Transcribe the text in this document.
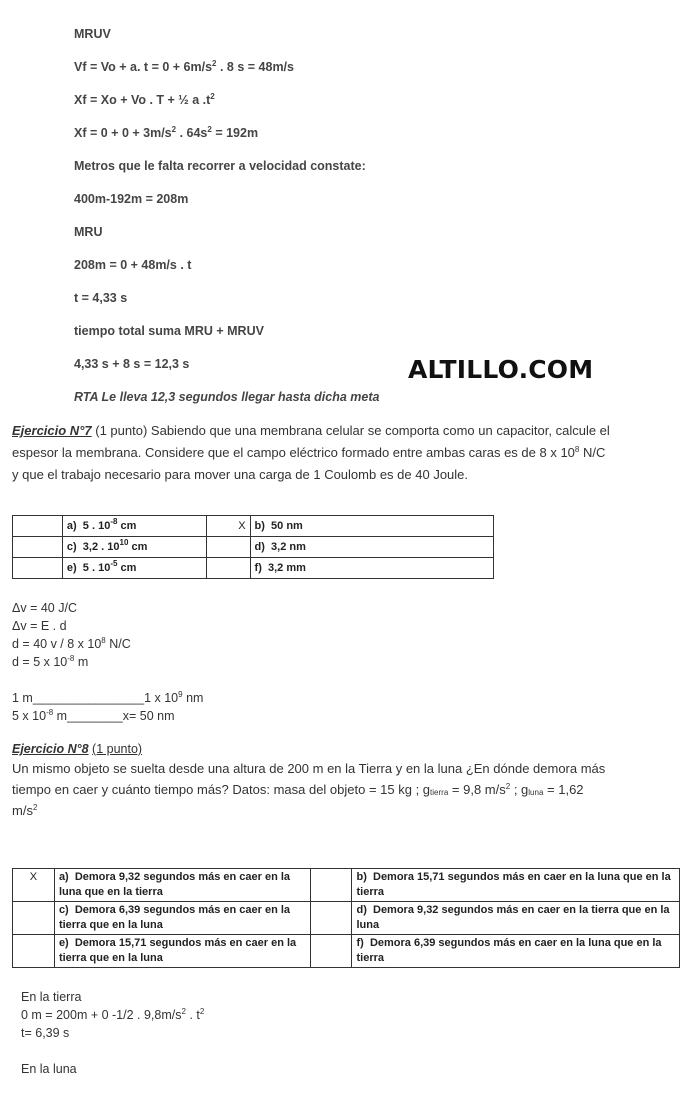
MRUV
Vf = Vo + a. $t = 0 + 6m/s^2$ . 8 s = 48m/s
Xf = Xo + Vo . T + ½ a $.t^2$
$Xf = 0 + 0 + 3m/s^2$ . $64s^2 = 192m$
Metros que le falta recorrer a velocidad constate:
400m-192m = 208m
MRU
208m = 0 + 48m/s . t
t = 4,33 s
tiempo total suma MRU + MRUV
4,33 s + 8 s = 12,3 s
RTA Le lleva 12,3 segundos llegar hasta dicha meta
ALTILLO.COM
Ejercicio N°7 (1 punto) Sabiendo que una membrana celular se comporta como un capacitor, calcule el
espesor la membrana. Considere que el campo eléctrico formado entre ambas caras es de 8 x $10^8$ N/C
y que el trabajo necesario para mover una carga de 1 Coulomb es de 40 Joule.
	a) 5 . $10^{-8}$ cm	X	b) 50 nm
	c) 3,2 . $10^{10}$ cm		d) 3,2 nm
	e) 5 . $10^{-5}$ cm		f) 3,2 mm
Δv = 40 J/C
Δv = E . d
d = 40 v / 8 x $10^8$ N/C
d = 5 x $10^{-8}$ m
1 m________________1 x $10^9$ nm
5 x $10^{-8}$ m________x= 50 nm
Ejercicio N°8 (1 punto)
Un mismo objeto se suelta desde una altura de 200 m en la Tierra y en la luna ¿En dónde demora más
tiempo en caer y cuánto tiempo más? Datos: masa del objeto = 15 kg ; $g_{tierra} = 9,8$ $m/s^2$ ; $g_{luna} = 1,62$
$m/s^2$
X	a) Demora 9,32 segundos más en caer en la luna que en la tierra		b) Demora 15,71 segundos más en caer en la luna que en la tierra
	c) Demora 6,39 segundos más en caer en la tierra que en la luna		d) Demora 9,32 segundos más en caer en la tierra que en la luna
	e) Demora 15,71 segundos más en caer en la tierra que en la luna		f) Demora 6,39 segundos más en caer en la luna que en la tierra
En la tierra
0 m = 200m + 0 -1/2 . $9,8m/s^2$ . $t^2$
t= 6,39 s
En la luna
